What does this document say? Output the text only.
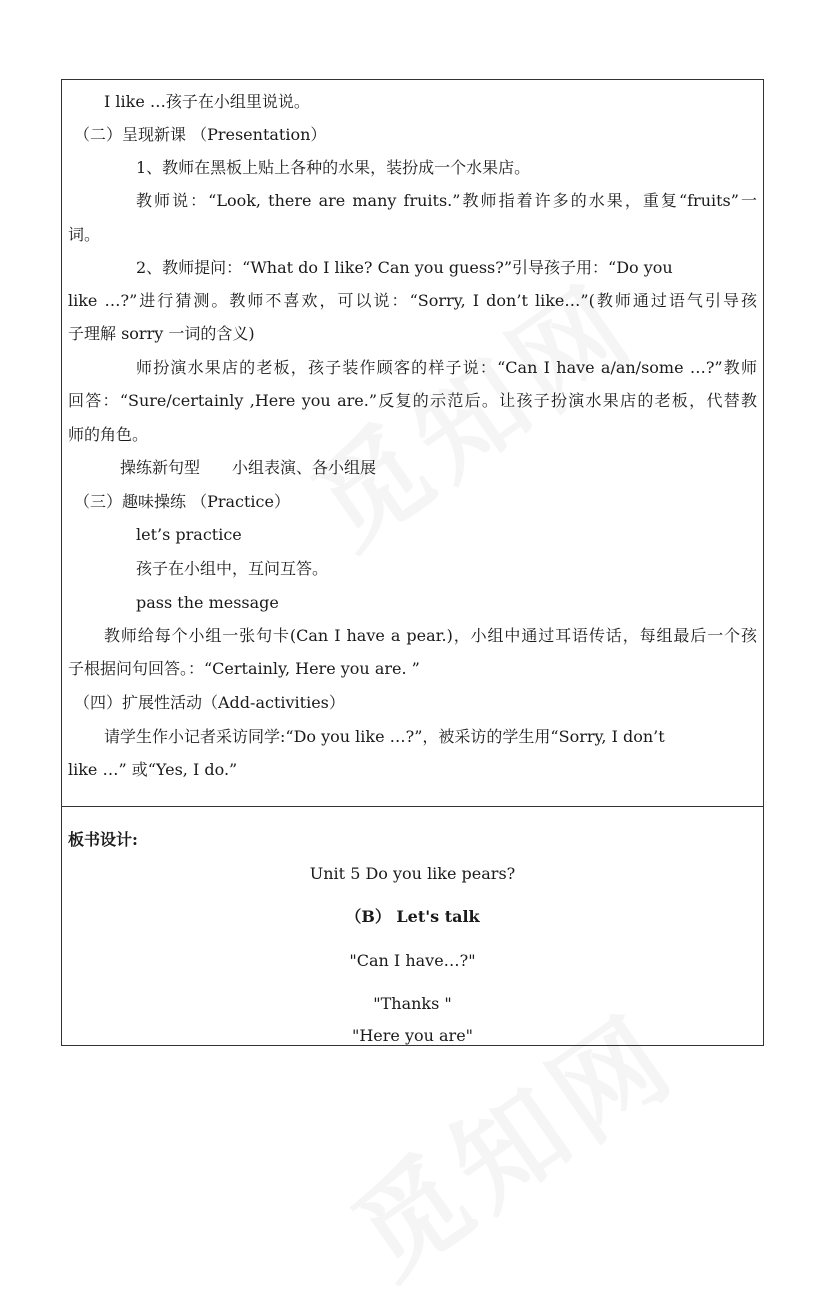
I like …孩子在小组里说说。
（二）呈现新课 （Presentation）
1、教师在黑板上贴上各种的水果，装扮成一个水果店。
教师说：“Look, there are many fruits.”教师指着许多的水果，重复“fruits”一
词。
2、教师提问：“What do I like? Can you guess?”引导孩子用：“Do you
like …?”进行猜测。教师不喜欢，可以说：“Sorry, I don’t like…”(教师通过语气引导孩
子理解 sorry 一词的含义)
师扮演水果店的老板，孩子装作顾客的样子说：“Can I have a/an/some …?”教师
回答：“Sure/certainly ,Here you are.”反复的示范后。让孩子扮演水果店的老板，代替教
师的角色。
操练新句型　　小组表演、各小组展
（三）趣味操练 （Practice）
let’s practice
孩子在小组中，互问互答。
pass the message
教师给每个小组一张句卡(Can I have a pear.)，小组中通过耳语传话，每组最后一个孩
子根据问句回答。：“Certainly, Here you are. ”
（四）扩展性活动（Add-activities）
请学生作小记者采访同学:“Do you like …?”，被采访的学生用“Sorry, I don’t
like …” 或“Yes, I do.”
板书设计:
Unit 5 Do you like pears?
（B） Let's talk
"Can I have…?"
"Thanks "
"Here you are"
